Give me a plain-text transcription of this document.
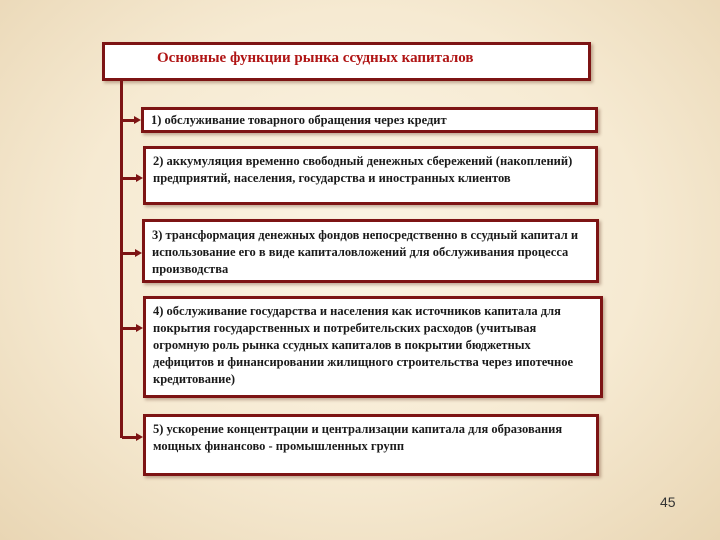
Основные функции рынка ссудных капиталов
1) обслуживание товарного обращения через кредит
2) аккумуляция временно свободный денежных сбережений (накоплений) предприятий, населения, государства и иностранных клиентов
3) трансформация денежных фондов непосредственно в ссудный капитал и использование его в виде капиталовложений для обслуживания процесса производства
4) обслуживание государства и населения как источников капитала для покрытия государственных и потребительских расходов (учитывая огромную роль рынка ссудных капиталов в покрытии бюджетных дефицитов и финансировании жилищного строительства через ипотечное кредитование)
5) ускорение концентрации и централизации капитала для образования мощных финансово - промышленных групп
45
